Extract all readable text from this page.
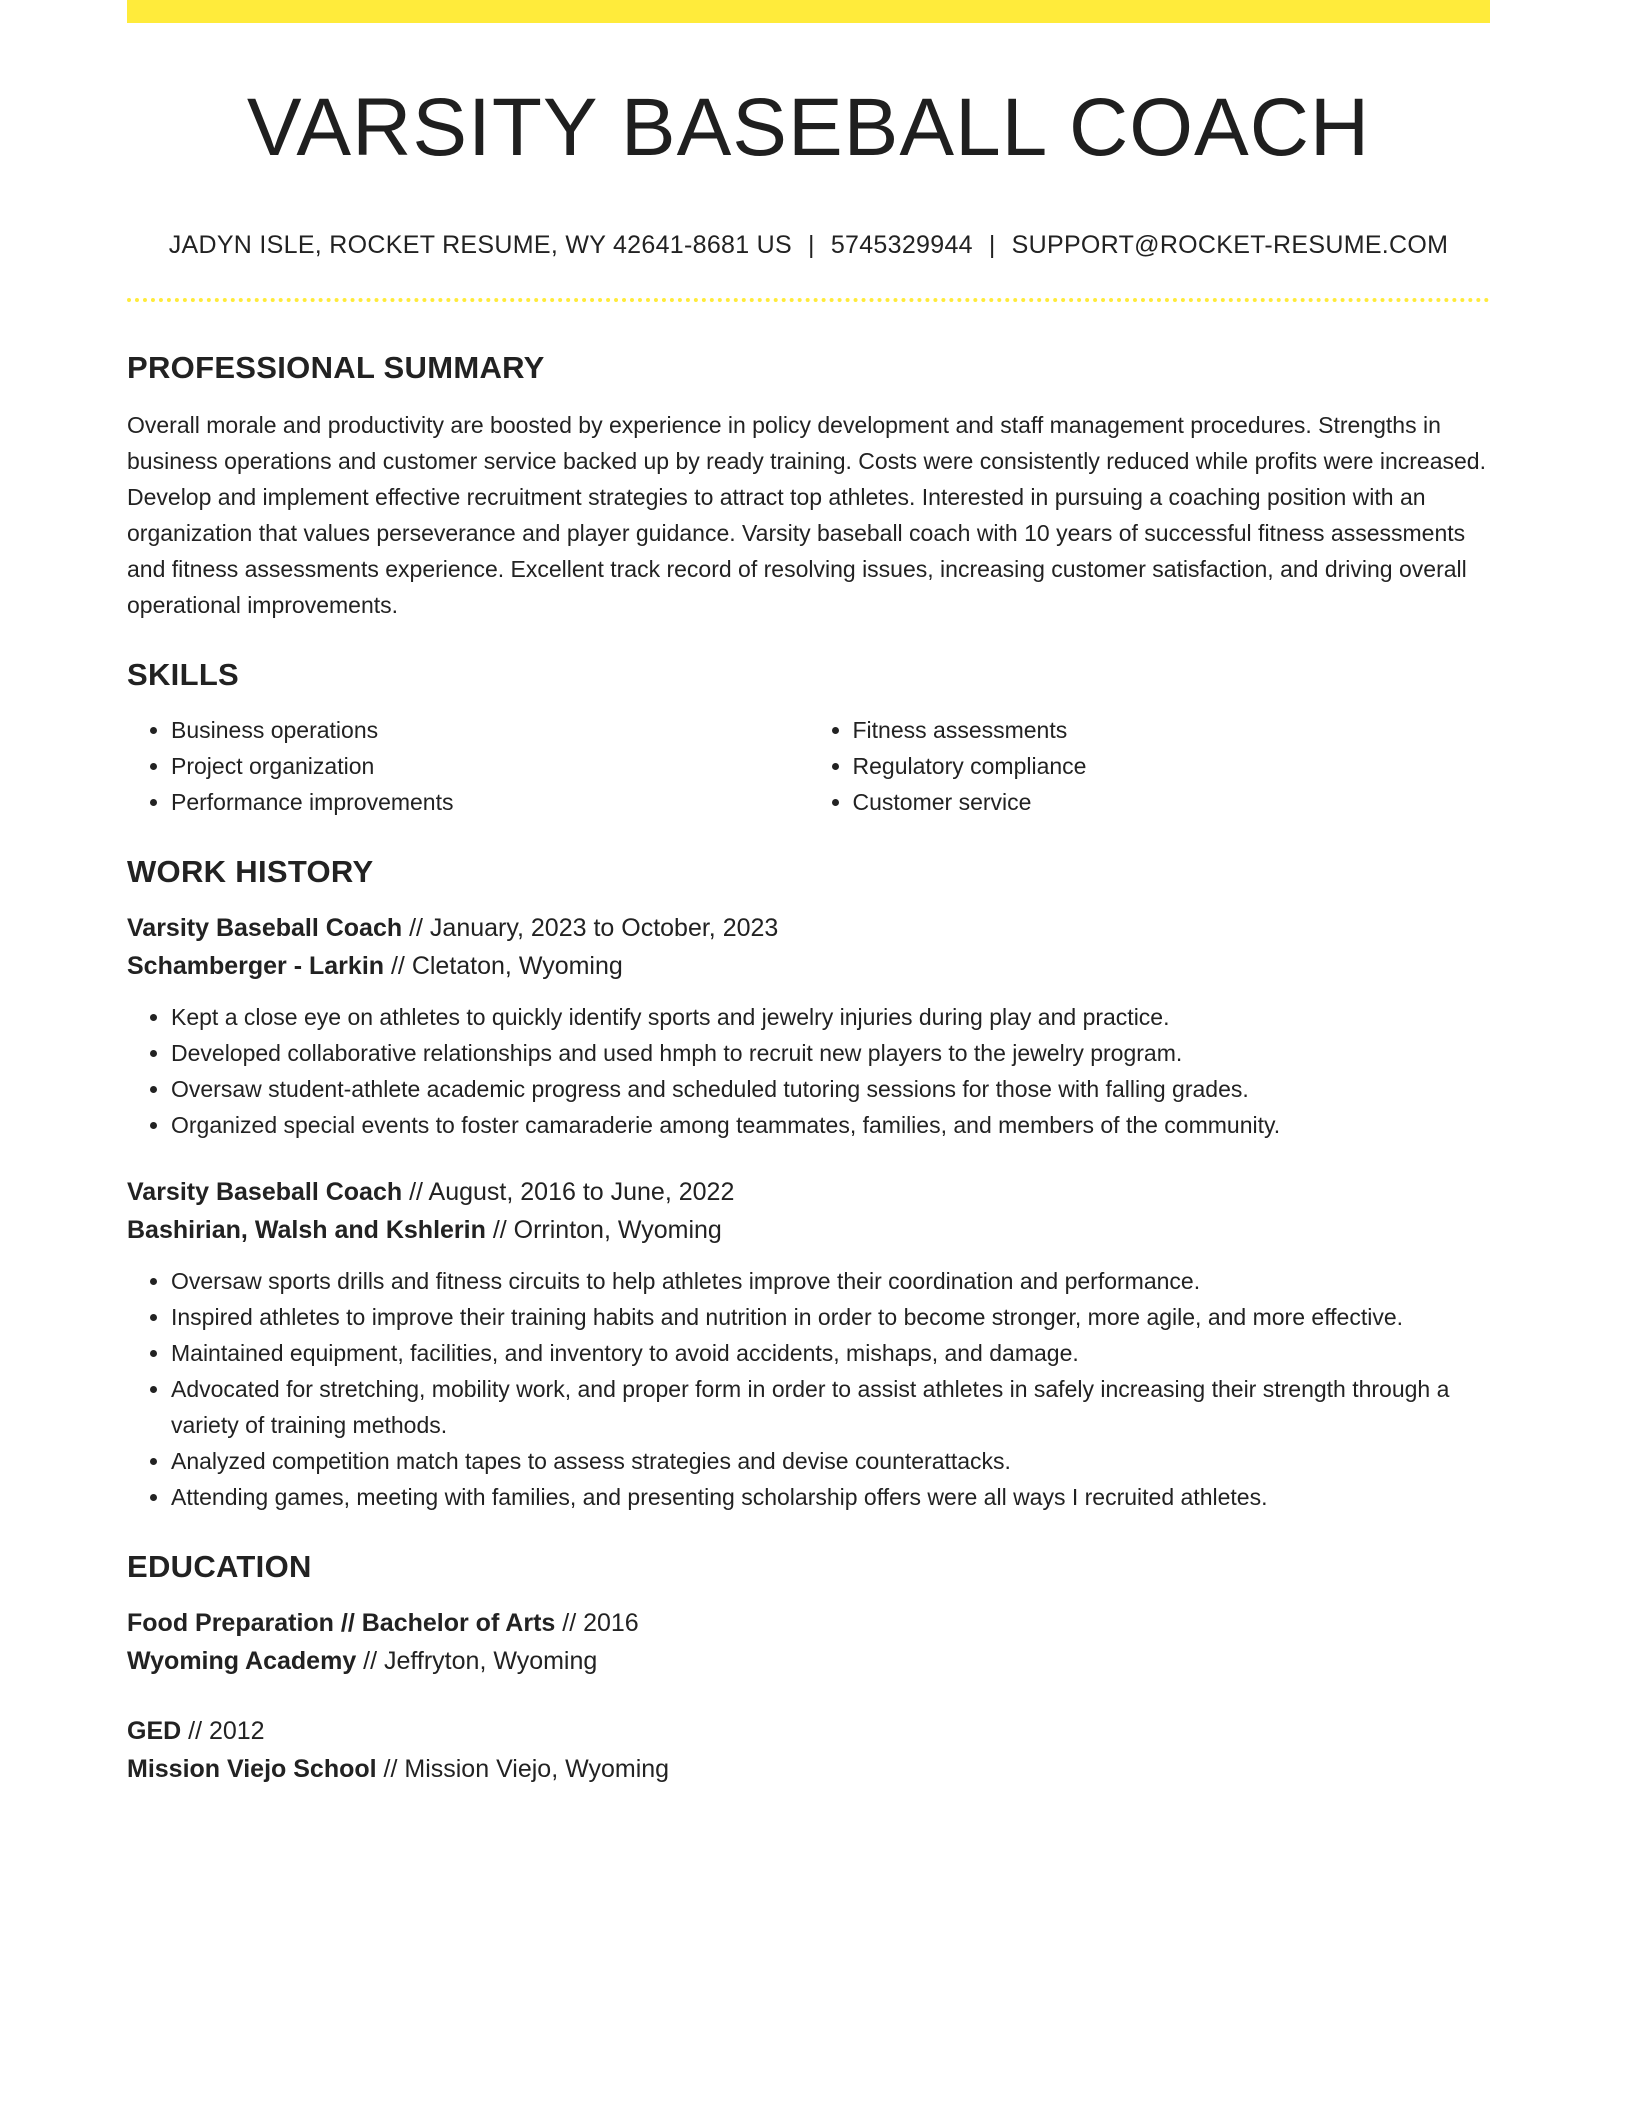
VARSITY BASEBALL COACH
JADYN ISLE, ROCKET RESUME, WY 42641-8681 US | 5745329944 | SUPPORT@ROCKET-RESUME.COM
PROFESSIONAL SUMMARY

Overall morale and productivity are boosted by experience in policy development and staff management procedures. Strengths in business operations and customer service backed up by ready training. Costs were consistently reduced while profits were increased. Develop and implement effective recruitment strategies to attract top athletes. Interested in pursuing a coaching position with an organization that values perseverance and player guidance. Varsity baseball coach with 10 years of successful fitness assessments and fitness assessments experience. Excellent track record of resolving issues, increasing customer satisfaction, and driving overall operational improvements.

SKILLS
• Business operations
• Project organization
• Performance improvements
• Fitness assessments
• Regulatory compliance
• Customer service
WORK HISTORY
Varsity Baseball Coach // January, 2023 to October, 2023
Schamberger - Larkin // Cletaton, Wyoming
• Kept a close eye on athletes to quickly identify sports and jewelry injuries during play and practice.
• Developed collaborative relationships and used hmph to recruit new players to the jewelry program.
• Oversaw student-athlete academic progress and scheduled tutoring sessions for those with falling grades.
• Organized special events to foster camaraderie among teammates, families, and members of the community.
Varsity Baseball Coach // August, 2016 to June, 2022
Bashirian, Walsh and Kshlerin // Orrinton, Wyoming
• Oversaw sports drills and fitness circuits to help athletes improve their coordination and performance.
• Inspired athletes to improve their training habits and nutrition in order to become stronger, more agile, and more effective.
• Maintained equipment, facilities, and inventory to avoid accidents, mishaps, and damage.
• Advocated for stretching, mobility work, and proper form in order to assist athletes in safely increasing their strength through a variety of training methods.
• Analyzed competition match tapes to assess strategies and devise counterattacks.
• Attending games, meeting with families, and presenting scholarship offers were all ways I recruited athletes.
EDUCATION
Food Preparation // Bachelor of Arts // 2016
Wyoming Academy // Jeffryton, Wyoming
GED // 2012
Mission Viejo School // Mission Viejo, Wyoming
